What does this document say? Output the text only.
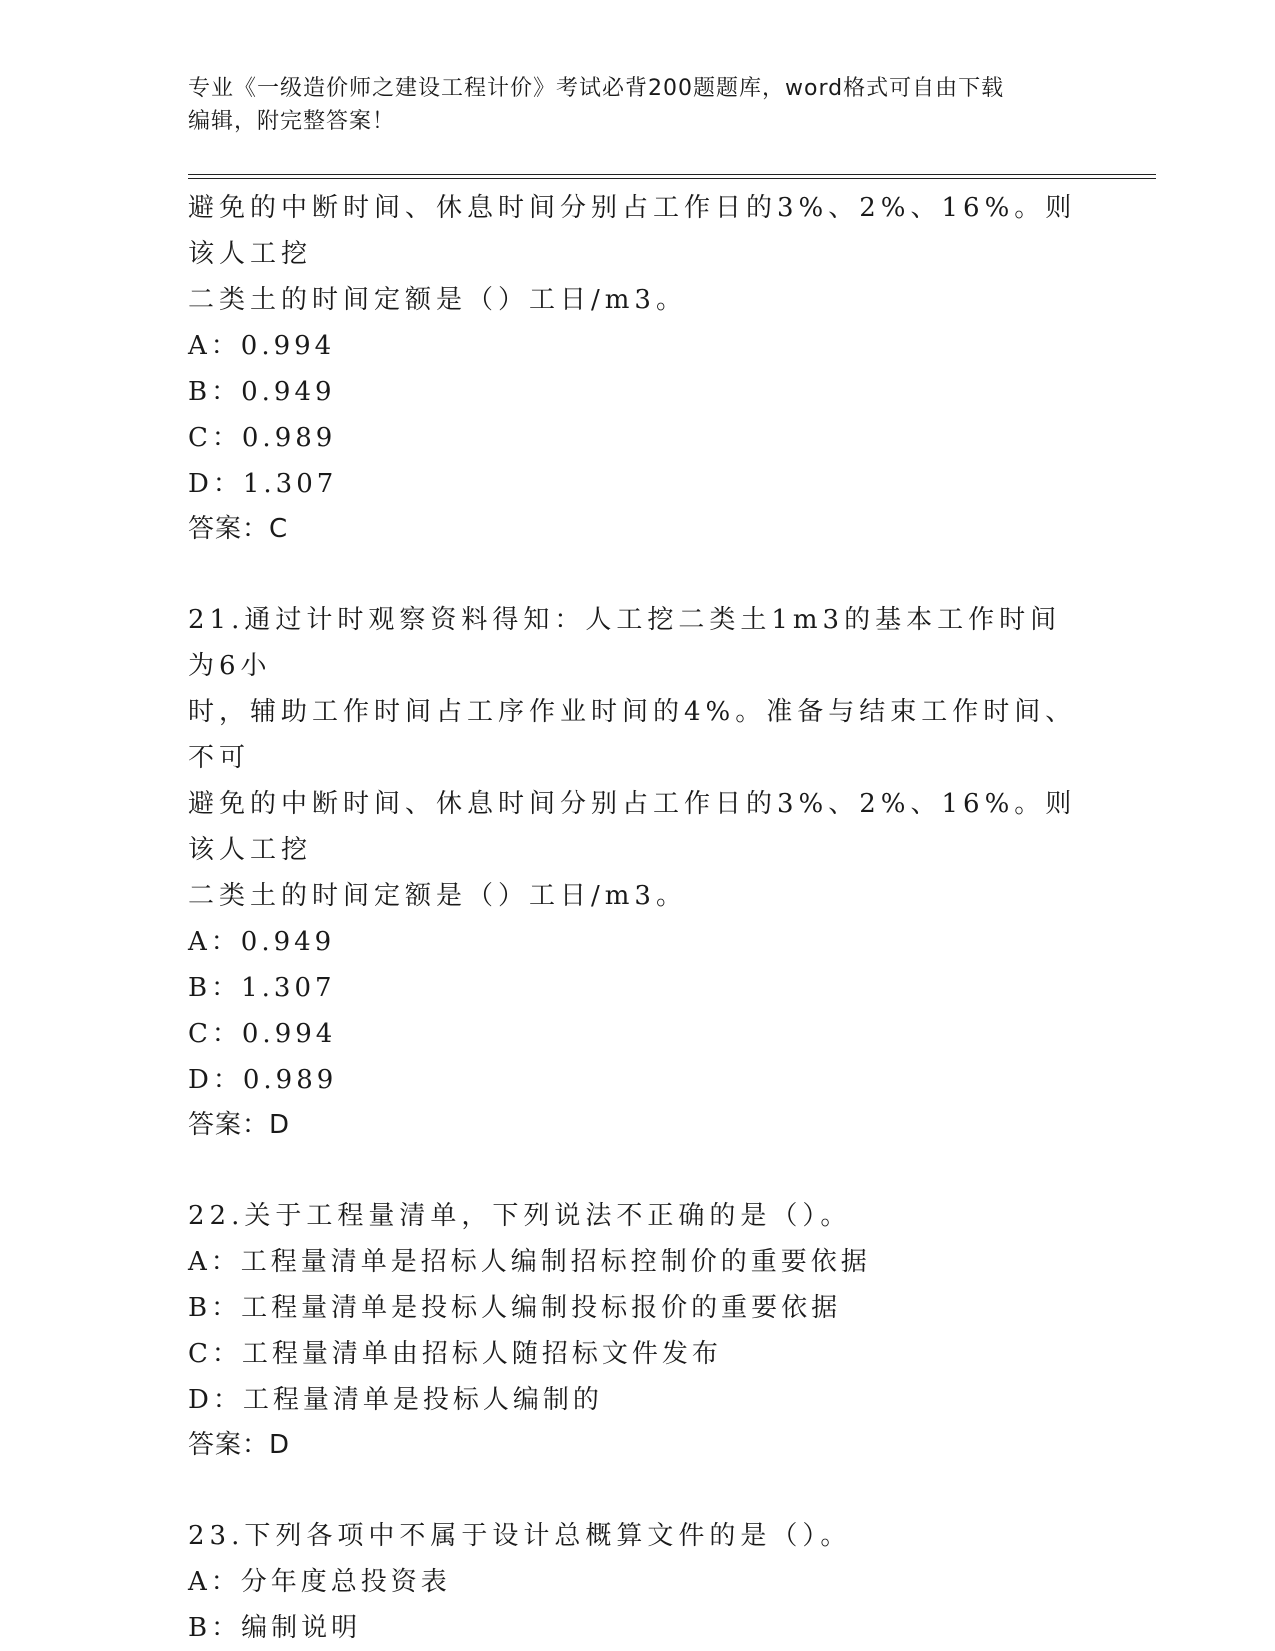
专业《一级造价师之建设工程计价》考试必背200题题库，word格式可自由下载
编辑，附完整答案！
避免的中断时间、休息时间分别占工作日的3%、2%、16%。则该人工挖
二类土的时间定额是（）工日/m3。
A：0.994
B：0.949
C：0.989
D：1.307
答案：C
21.通过计时观察资料得知：人工挖二类土1m3的基本工作时间为6小
时，辅助工作时间占工序作业时间的4%。准备与结束工作时间、不可
避免的中断时间、休息时间分别占工作日的3%、2%、16%。则该人工挖
二类土的时间定额是（）工日/m3。
A：0.949
B：1.307
C：0.994
D：0.989
答案：D
22.关于工程量清单，下列说法不正确的是（）。
A：工程量清单是招标人编制招标控制价的重要依据
B：工程量清单是投标人编制投标报价的重要依据
C：工程量清单由招标人随招标文件发布
D：工程量清单是投标人编制的
答案：D
23.下列各项中不属于设计总概算文件的是（）。
A：分年度总投资表
B：编制说明
